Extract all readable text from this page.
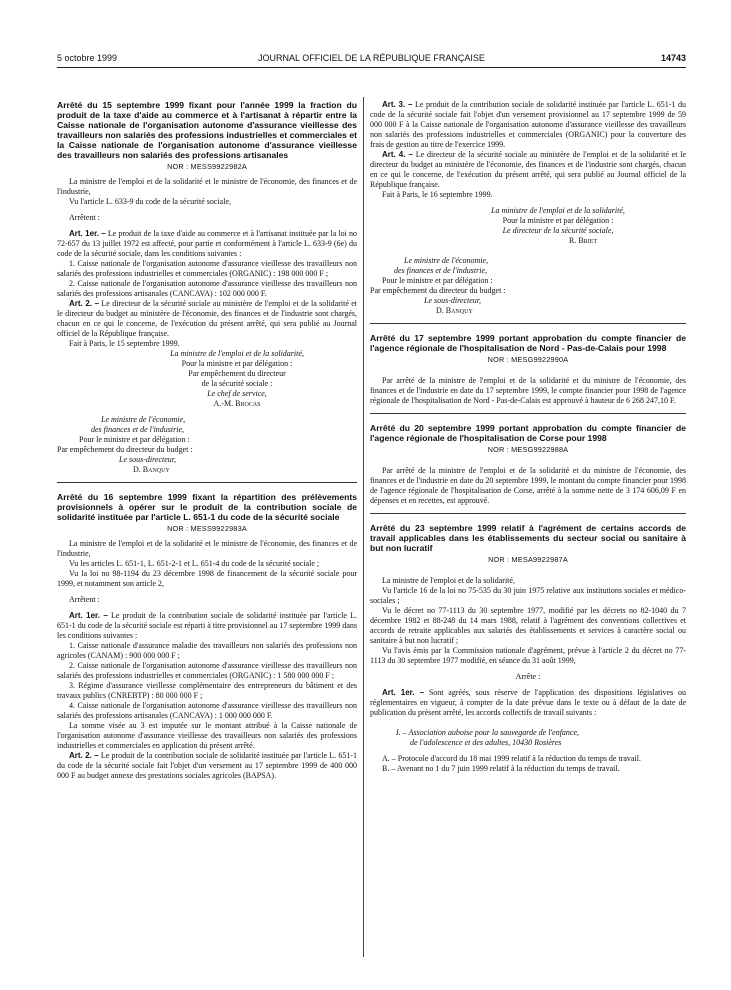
5 octobre 1999	JOURNAL OFFICIEL DE LA RÉPUBLIQUE FRANÇAISE	14743
Arrêté du 15 septembre 1999 fixant pour l'année 1999 la fraction du produit de la taxe d'aide au commerce et à l'artisanat à répartir entre la Caisse nationale de l'organisation autonome d'assurance vieillesse des travailleurs non salariés des professions industrielles et commerciales et la Caisse nationale de l'organisation autonome d'assurance vieillesse des travailleurs non salariés des professions artisanales
NOR : MESS9922982A

La ministre de l'emploi et de la solidarité et le ministre de l'économie, des finances et de l'industrie,

Vu l'article L. 633-9 du code de la sécurité sociale,

Arrêtent :

Art. 1er. – Le produit de la taxe d'aide au commerce et à l'artisanat instituée par la loi no 72-657 du 13 juillet 1972 est affecté, pour partie et conformément à l'article L. 633-9 (6e) du code de la sécurité sociale, dans les conditions suivantes :

1. Caisse nationale de l'organisation autonome d'assurance vieillesse des travailleurs non salariés des professions industrielles et commerciales (ORGANIC) : 198 000 000 F ;

2. Caisse nationale de l'organisation autonome d'assurance vieillesse des travailleurs non salariés des professions artisanales (CANCAVA) : 102 000 000 F.

Art. 2. – Le directeur de la sécurité sociale au ministère de l'emploi et de la solidarité et le directeur du budget au ministère de l'économie, des finances et de l'industrie sont chargés, chacun en ce qui le concerne, de l'exécution du présent arrêté, qui sera publié au Journal officiel de la République française.

Fait à Paris, le 15 septembre 1999.

La ministre de l'emploi et de la solidarité,

Pour la ministre et par délégation :

Par empêchement du directeur

de la sécurité sociale :

Le chef de service,

A.-M. Brocas

Le ministre de l'économie,

des finances et de l'industrie,

Pour le ministre et par délégation :

Par empêchement du directeur du budget :

Le sous-directeur,

D. Banquy

Arrêté du 16 septembre 1999 fixant la répartition des prélèvements provisionnels à opérer sur le produit de la contribution sociale de solidarité instituée par l'article L. 651-1 du code de la sécurité sociale
NOR : MESS9922983A

La ministre de l'emploi et de la solidarité et le ministre de l'économie, des finances et de l'industrie,

Vu les articles L. 651-1, L. 651-2-1 et L. 651-4 du code de la sécurité sociale ;

Vu la loi no 98-1194 du 23 décembre 1998 de financement de la sécurité sociale pour 1999, et notamment son article 2,

Arrêtent :

Art. 1er. – Le produit de la contribution sociale de solidarité instituée par l'article L. 651-1 du code de la sécurité sociale est réparti à titre provisionnel au 17 septembre 1999 dans les conditions suivantes :

1. Caisse nationale d'assurance maladie des travailleurs non salariés des professions non agricoles (CANAM) : 900 000 000 F ;

2. Caisse nationale de l'organisation autonome d'assurance vieillesse des travailleurs non salariés des professions industrielles et commerciales (ORGANIC) : 1 580 000 000 F ;

3. Régime d'assurance vieillesse complémentaire des entrepreneurs du bâtiment et des travaux publics (CNREBTP) : 80 000 000 F ;

4. Caisse nationale de l'organisation autonome d'assurance vieillesse des travailleurs non salariés des professions artisanales (CANCAVA) : 1 000 000 000 F.

La somme visée au 3 est imputée sur le montant attribué à la Caisse nationale de l'organisation autonome d'assurance vieillesse des travailleurs non salariés des professions industrielles et commerciales en application du présent arrêté.

Art. 2. – Le produit de la contribution sociale de solidarité instituée par l'article L. 651-1 du code de la sécurité sociale fait l'objet d'un versement au 17 septembre 1999 de 400 000 000 F au budget annexe des prestations sociales agricoles (BAPSA).

Art. 3. – Le produit de la contribution sociale de solidarité instituée par l'article L. 651-1 du code de la sécurité sociale fait l'objet d'un versement provisionnel au 17 septembre 1999 de 59 000 000 F à la Caisse nationale de l'organisation autonome d'assurance vieillesse des travailleurs non salariés des professions industrielles et commerciales (ORGANIC) pour la couverture des frais de gestion au titre de l'exercice 1999.

Art. 4. – Le directeur de la sécurité sociale au ministère de l'emploi et de la solidarité et le directeur du budget au ministère de l'économie, des finances et de l'industrie sont chargés, chacun en ce qui le concerne, de l'exécution du présent arrêté, qui sera publié au Journal officiel de la République française.

Fait à Paris, le 16 septembre 1999.

La ministre de l'emploi et de la solidarité,

Pour la ministre et par délégation :

Le directeur de la sécurité sociale,

R. Briet

Le ministre de l'économie,

des finances et de l'industrie,

Pour le ministre et par délégation :

Par empêchement du directeur du budget :

Le sous-directeur,

D. Banquy

Arrêté du 17 septembre 1999 portant approbation du compte financier de l'agence régionale de l'hospitalisation de Nord - Pas-de-Calais pour 1998
NOR : MESG9922990A

Par arrêté de la ministre de l'emploi et de la solidarité et du ministre de l'économie, des finances et de l'industrie en date du 17 septembre 1999, le compte financier pour 1998 de l'agence régionale de l'hospitalisation de Nord - Pas-de-Calais est approuvé à hauteur de 6 268 247,10 F.

Arrêté du 20 septembre 1999 portant approbation du compte financier de l'agence régionale de l'hospitalisation de Corse pour 1998
NOR : MESG9922988A

Par arrêté de la ministre de l'emploi et de la solidarité et du ministre de l'économie, des finances et de l'industrie en date du 20 septembre 1999, le montant du compte financier pour 1998 de l'agence régionale de l'hospitalisation de Corse, arrêté à la somme nette de 3 174 606,09 F en dépenses et en recettes, est approuvé.

Arrêté du 23 septembre 1999 relatif à l'agrément de certains accords de travail applicables dans les établissements du secteur social ou sanitaire à but non lucratif
NOR : MESA9922987A

La ministre de l'emploi et de la solidarité,

Vu l'article 16 de la loi no 75-535 du 30 juin 1975 relative aux institutions sociales et médico-sociales ;

Vu le décret no 77-1113 du 30 septembre 1977, modifié par les décrets no 82-1040 du 7 décembre 1982 et 88-248 du 14 mars 1988, relatif à l'agrément des conventions collectives et accords de retraite applicables aux salariés des établissements et services à caractère social ou sanitaire à but non lucratif ;

Vu l'avis émis par la Commission nationale d'agrément, prévue à l'article 2 du décret no 77-1113 du 30 septembre 1977 modifié, en séance du 31 août 1999,

Arrête :

Art. 1er. – Sont agréés, sous réserve de l'application des dispositions législatives ou réglementaires en vigueur, à compter de la date prévue dans le texte ou à défaut de la date de publication du présent arrêté, les accords collectifs de travail suivants :

I. – Association auboise pour la sauvegarde de l'enfance,

de l'adolescence et des adultes, 10430 Rosières

A. – Protocole d'accord du 18 mai 1999 relatif à la réduction du temps de travail.

B. – Avenant no 1 du 7 juin 1999 relatif à la réduction du temps de travail.
